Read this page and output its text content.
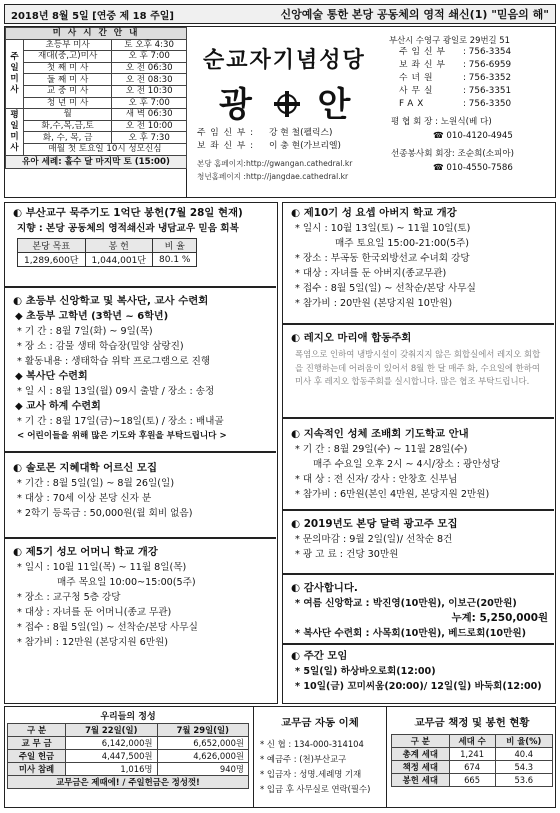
2018년 8월 5일 [연중 제 18 주일]	신앙예술 통한 본당 공동체의 영적 쇄신(1) "믿음의 해"
미 사 시 간 안 내		
주일미사	초등부 미사	토 오후 4:30
	재대(중,고)미사	오 후 7:00
	첫 째 미 사	오 전 06:30
	둘 째 미 사	오 전 08:30
	교 중 미 사	오 전 10:30
	청 년 미 사	오 후 7:00
평일미사	월	새 벽 06:30
	화,수,목,금,토	오 전 10:00
	화, 수, 목, 금	오 후 7:30
	매월 첫 토요일 10시 성모신심	
유아 세례: 홀수 달 마지막 토 (15:00)		
순교자기념성당
광 안
주 임 신 부 : 강 현 철(펠릭스)
보 좌 신 부 : 이 충 현(가브리엘)
본당 홈페이지:http://gwangan.cathedral.kr
청년홈페이지 :http://jangdae.cathedral.kr
부산시 수영구 광일로 29번길 51
주임신부	: 756-3354
보좌신부	: 756-6959
수녀원	: 756-3352
사무실	: 756-3351
FAX	: 756-3350
평 협 회 장 : 노원식(베 다)
☎ 010-4120-4945
선종봉사회 회장: 조순희(소피아)
☎ 010-4550-7586
◐ 부산교구 묵주기도 1억단 봉헌(7월 28일 현재)
지향 : 본당 공동체의 영적쇄신과 냉담교우 믿음 회복
본당 목표	봉 헌	비 율
1,289,600단	1,044,001단	80.1 %
◐ 초등부 신앙학교 및 복사단, 교사 수련회
◆ 초등부 고학년 (3학년 ~ 6학년)
* 기 간 : 8월 7일(화) ~ 9일(목)
* 장 소 : 감물 생태 학습장(밀양 삼랑진)
* 활동내용 : 생태학습 위탁 프로그램으로 진행
◆ 복사단 수련회
* 일 시 : 8월 13일(월) 09시 출발 / 장소 : 송정
◆ 교사 하계 수련회
* 기 간 : 8월 17일(금)~18일(토) / 장소 : 배내골
< 어린이들을 위해 많은 기도와 후원을 부탁드립니다 >
◐ 솔로몬 지혜대학 어르신 모집
* 기간 : 8월 5일(일) ~ 8월 26일(일)
* 대상 : 70세 이상 본당 신자 분
* 2학기 등록금 : 50,000원(월 회비 없음)
◐ 제5기 성모 어머니 학교 개강
* 일시 : 10월 11일(목) ~ 11월 8일(목)
매주 목요일 10:00~15:00(5주)
* 장소 : 교구청 5층 강당
* 대상 : 자녀를 둔 어머니(종교 무관)
* 접수 : 8월 5일(일) ~ 선착순/본당 사무실
* 참가비 : 12만원 (본당지원 6만원)
◐ 제10기 성 요셉 아버지 학교 개강
* 일시 : 10월 13일(토) ~ 11월 10일(토)
매주 토요일 15:00-21:00(5주)
* 장소 : 부곡동 한국외방선교 수녀회 강당
* 대상 : 자녀를 둔 아버지(종교무관)
* 접수 : 8월 5일(일) ~ 선착순/본당 사무실
* 참가비 : 20만원 (본당지원 10만원)
◐ 레지오 마리애 합동주회
폭염으로 인하여 냉방시설이 갖춰지지 않은 회합실에서 레지오 회합을 진행하는데 어려움이 있어서 8월 한 달 매주 화, 수요일에 한하여 미사 후 레지오 합동주회를 실시합니다. 많은 협조 부탁드립니다.
◐ 지속적인 성체 조배회 기도학교 안내
* 기 간 : 8월 29일(수) ~ 11월 28일(수)
매주 수요일 오후 2시 ~ 4시/장소 : 광안성당
* 대 상 : 전 신자/ 강사 : 안창호 신부님
* 참가비 : 6만원(본인 4만원, 본당지원 2만원)
◐ 2019년도 본당 달력 광고주 모집
* 문의마감 : 9월 2일(일)/ 선착순 8건
* 광 고 료 : 건당 30만원
◐ 감사합니다.
* 여름 신앙학교 : 박진영(10만원), 이보근(20만원)
누계: 5,250,000원
* 복사단 수련회 : 사목회(10만원), 베드로회(10만원)
◐ 주간 모임
* 5일(일) 하상바오로회(12:00)
* 10일(금) 꼬미씨움(20:00)/ 12일(일) 바둑회(12:00)
우리들의 정성		
구 분	7월 22일(일)	7월 29일(일)
교 무 금	6,142,000원	6,652,000원
주일 헌금	4,447,500원	4,626,000원
미사 참례	1,016명	940명
교무금은 제때에! / 주일헌금은 정성껏!		
교무금 자동 이체
* 신 협 : 134-000-314104
* 예금주 : (천)부산교구
* 입금자 : 성명.세례명 기재
* 입금 후 사무실로 연락(필수)
교무금 책정 및 봉헌 현황
구 분	세대 수	비 율(%)
총계 세대	1,241	40.4
책정 세대	674	54.3
봉헌 세대	665	53.6
